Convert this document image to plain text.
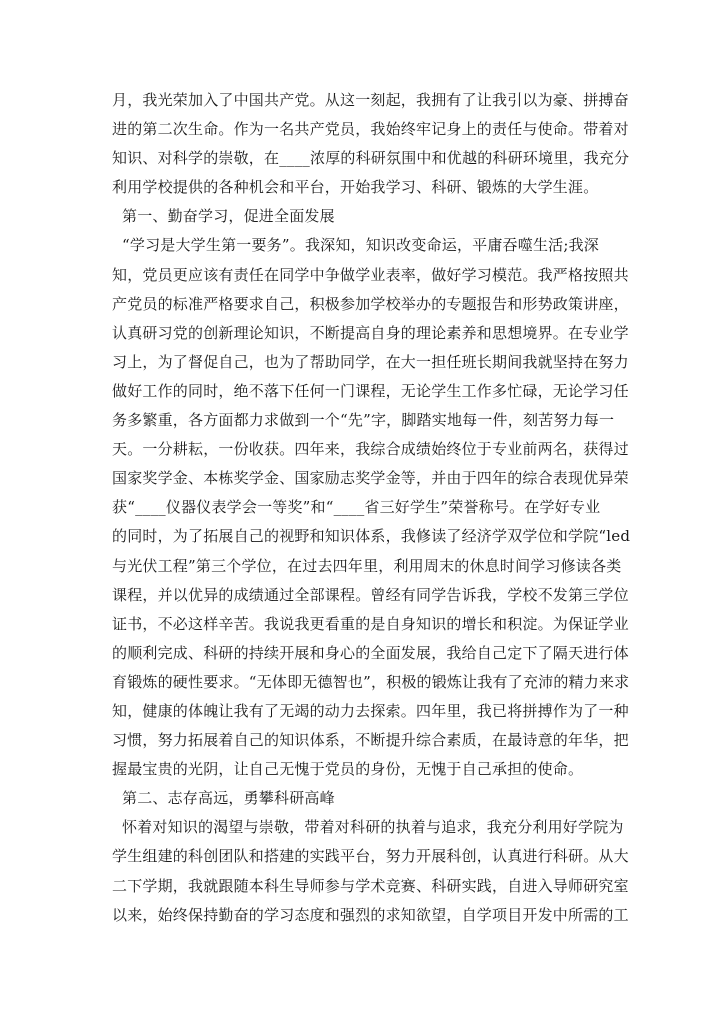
月，我光荣加入了中国共产党。从这一刻起，我拥有了让我引以为豪、拼搏奋
进的第二次生命。作为一名共产党员，我始终牢记身上的责任与使命。带着对
知识、对科学的崇敬，在____浓厚的科研氛围中和优越的科研环境里，我充分
利用学校提供的各种机会和平台，开始我学习、科研、锻炼的大学生涯。
第一、勤奋学习，促进全面发展
“学习是大学生第一要务”。我深知，知识改变命运，平庸吞噬生活;我深
知，党员更应该有责任在同学中争做学业表率，做好学习模范。我严格按照共
产党员的标准严格要求自己，积极参加学校举办的专题报告和形势政策讲座，
认真研习党的创新理论知识，不断提高自身的理论素养和思想境界。在专业学
习上，为了督促自己，也为了帮助同学，在大一担任班长期间我就坚持在努力
做好工作的同时，绝不落下任何一门课程，无论学生工作多忙碌，无论学习任
务多繁重，各方面都力求做到一个“先”字，脚踏实地每一件，刻苦努力每一
天。一分耕耘，一份收获。四年来，我综合成绩始终位于专业前两名，获得过
国家奖学金、本栋奖学金、国家励志奖学金等，并由于四年的综合表现优异荣
获“____仪器仪表学会一等奖”和“____省三好学生”荣誉称号。在学好专业
的同时，为了拓展自己的视野和知识体系，我修读了经济学双学位和学院“led
与光伏工程”第三个学位，在过去四年里，利用周末的休息时间学习修读各类
课程，并以优异的成绩通过全部课程。曾经有同学告诉我，学校不发第三学位
证书，不必这样辛苦。我说我更看重的是自身知识的增长和积淀。为保证学业
的顺利完成、科研的持续开展和身心的全面发展，我给自己定下了隔天进行体
育锻炼的硬性要求。“无体即无德智也”，积极的锻炼让我有了充沛的精力来求
知，健康的体魄让我有了无竭的动力去探索。四年里，我已将拼搏作为了一种
习惯，努力拓展着自己的知识体系，不断提升综合素质，在最诗意的年华，把
握最宝贵的光阴，让自己无愧于党员的身份，无愧于自己承担的使命。
第二、志存高远，勇攀科研高峰
怀着对知识的渴望与崇敬，带着对科研的执着与追求，我充分利用好学院为
学生组建的科创团队和搭建的实践平台，努力开展科创，认真进行科研。从大
二下学期，我就跟随本科生导师参与学术竞赛、科研实践，自进入导师研究室
以来，始终保持勤奋的学习态度和强烈的求知欲望，自学项目开发中所需的工
